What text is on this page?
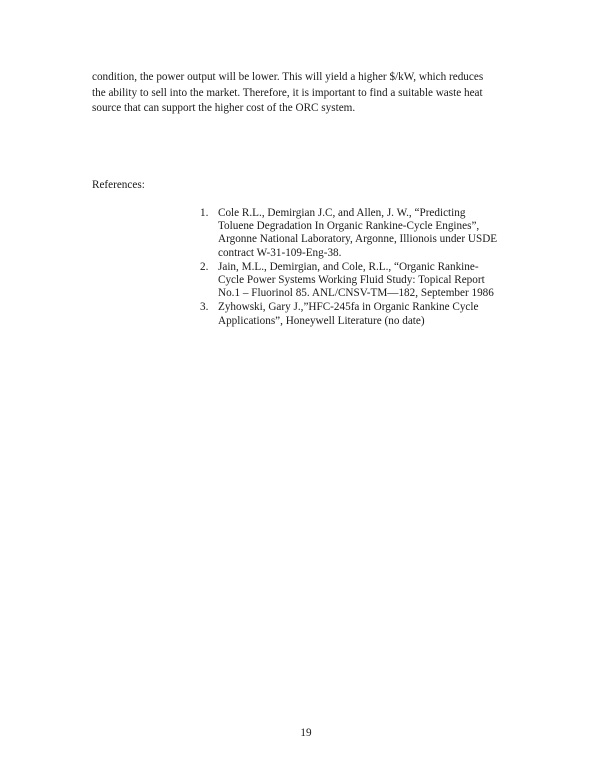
condition, the power output will be lower. This will yield a higher $/kW, which reduces
the ability to sell into the market. Therefore, it is important to find a suitable waste heat
source that can support the higher cost of the ORC system.

References:
1. Cole R.L., Demirgian J.C, and Allen, J. W., “Predicting
Toluene Degradation In Organic Rankine-Cycle Engines”,
Argonne National Laboratory, Argonne, Illionois under USDE
contract W-31-109-Eng-38.
2. Jain, M.L., Demirgian, and Cole, R.L., “Organic Rankine-
Cycle Power Systems Working Fluid Study: Topical Report
No.1 – Fluorinol 85. ANL/CNSV-TM—182, September 1986
3. Zyhowski, Gary J.,”HFC-245fa in Organic Rankine Cycle
Applications”, Honeywell Literature (no date)

19
